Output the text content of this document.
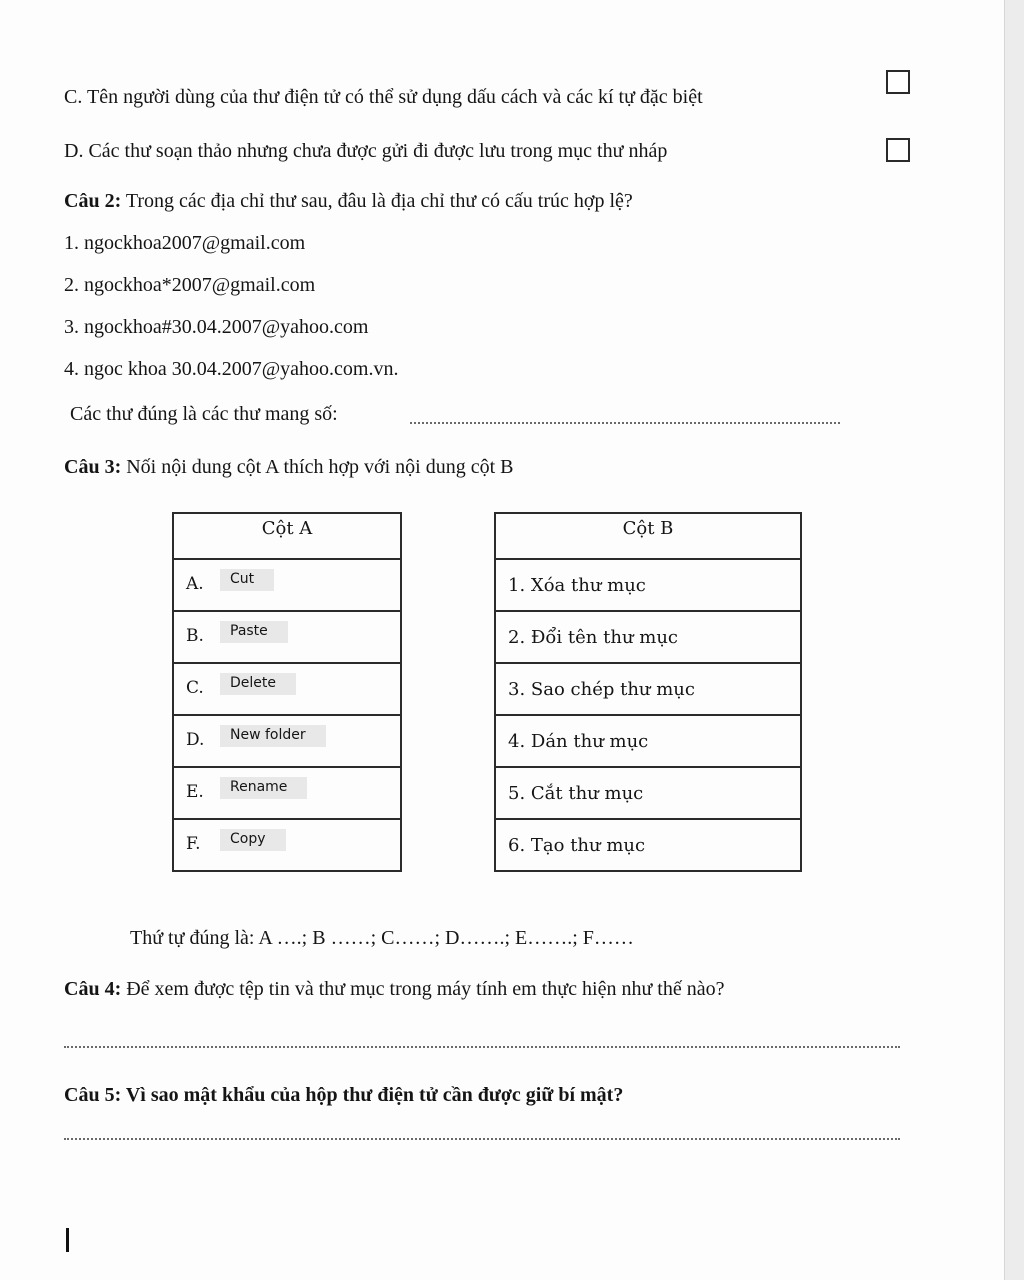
C. Tên người dùng của thư điện tử có thể sử dụng dấu cách và các kí tự đặc biệt
D. Các thư soạn thảo nhưng chưa được gửi đi được lưu trong mục thư nháp
Câu 2: Trong các địa chỉ thư sau, đâu là địa chỉ thư có cấu trúc hợp lệ?
1. ngockhoa2007@gmail.com
2. ngockhoa*2007@gmail.com
3. ngockhoa#30.04.2007@yahoo.com
4. ngoc khoa 30.04.2007@yahoo.com.vn.
Các thư đúng là các thư mang số:
Câu 3: Nối nội dung cột A thích hợp với nội dung cột B
Cột A
A. Cut
B. Paste
C. Delete
D. New folder
E. Rename
F. Copy
Cột B
1. Xóa thư mục
2. Đổi tên thư mục
3. Sao chép thư mục
4. Dán thư mục
5. Cắt thư mục
6. Tạo thư mục
Thứ tự đúng là: A ….; B ……; C……; D…….; E…….; F……
Câu 4: Để xem được tệp tin và thư mục trong máy tính em thực hiện như thế nào?
Câu 5: Vì sao mật khẩu của hộp thư điện tử cần được giữ bí mật?
